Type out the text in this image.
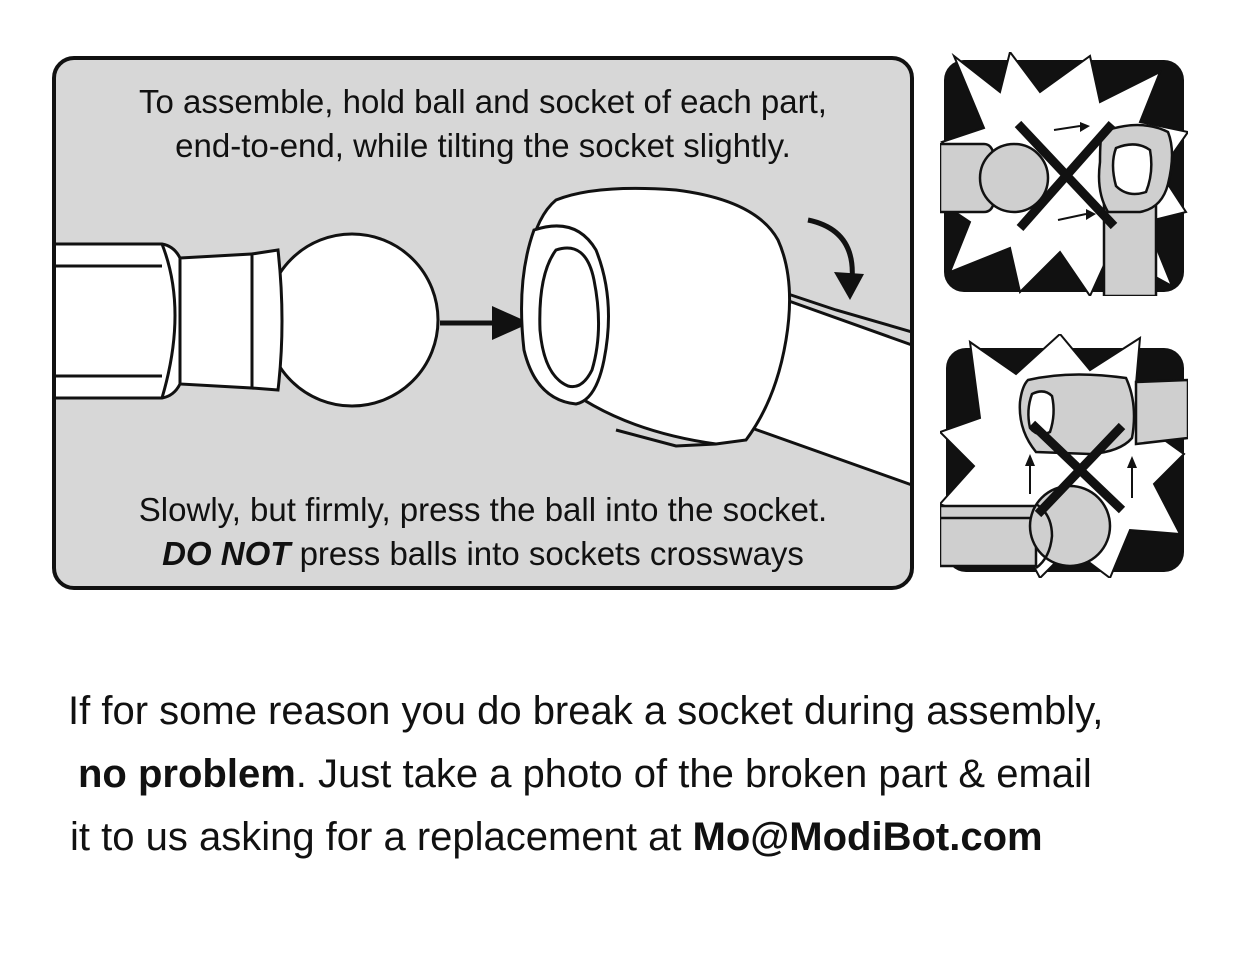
To assemble, hold ball and socket of each part,
end-to-end, while tilting the socket slightly.
Slowly, but firmly, press the ball into the socket.
DO NOT press balls into sockets crossways
If for some reason you do break a socket during assembly,
no problem. Just take a photo of the broken part & email
it to us asking for a replacement at Mo@ModiBot.com
